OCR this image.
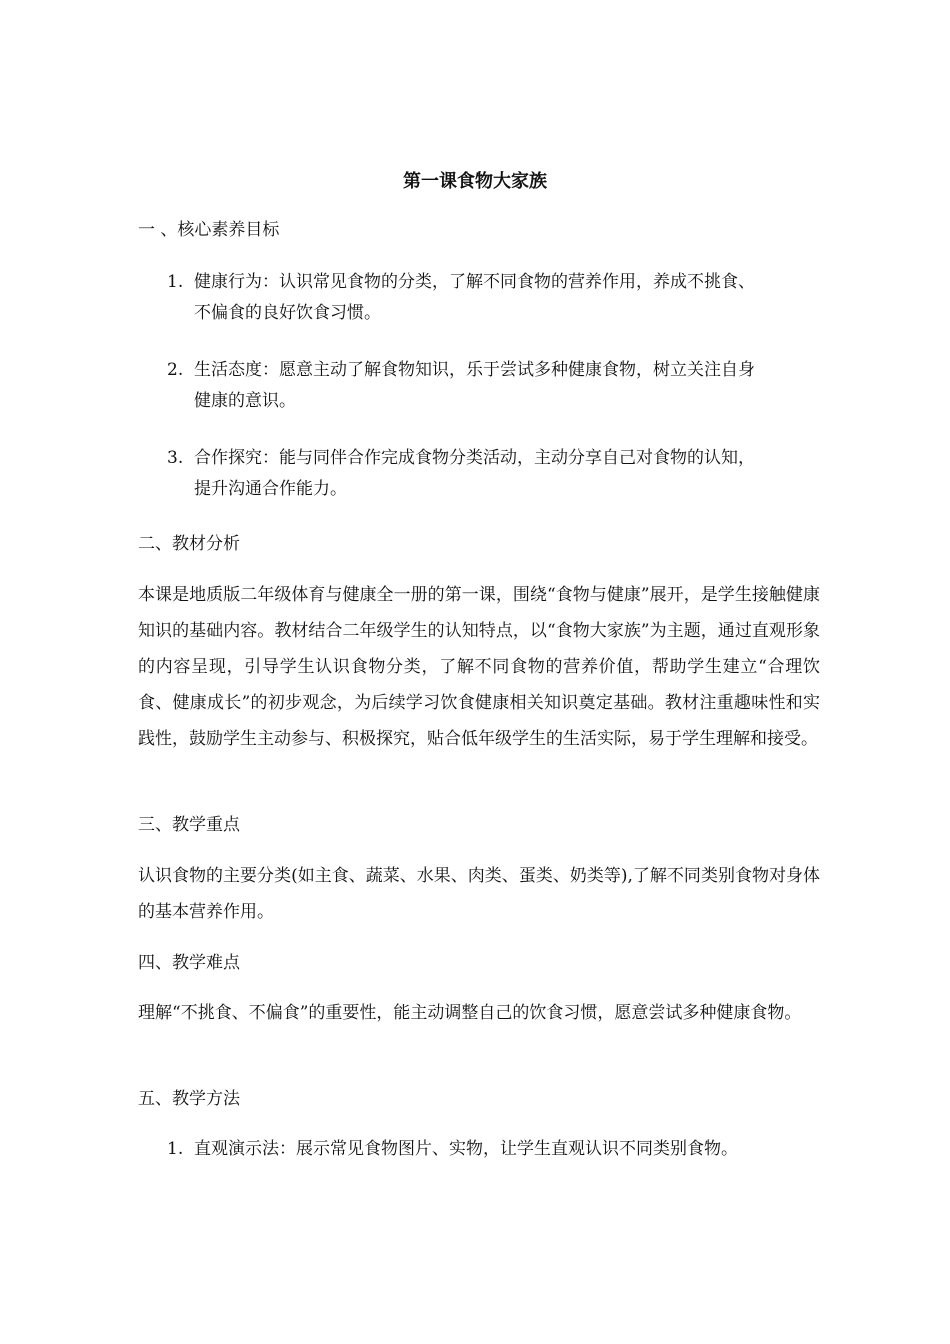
第一课食物大家族
一 、核心素养目标
1. 健康行为：认识常见食物的分类，了解不同食物的营养作用，养成不挑食、
不偏食的良好饮食习惯。
2. 生活态度：愿意主动了解食物知识，乐于尝试多种健康食物，树立关注自身
健康的意识。
3. 合作探究：能与同伴合作完成食物分类活动，主动分享自己对食物的认知，
提升沟通合作能力。
二、教材分析
本课是地质版二年级体育与健康全一册的第一课，围绕“食物与健康”展开，是学生接触健康知识的基础内容。教材结合二年级学生的认知特点，以“食物大家族”为主题，通过直观形象的内容呈现，引导学生认识食物分类，了解不同食物的营养价值，帮助学生建立“合理饮食、健康成长”的初步观念，为后续学习饮食健康相关知识奠定基础。教材注重趣味性和实践性，鼓励学生主动参与、积极探究，贴合低年级学生的生活实际，易于学生理解和接受。
三、教学重点
认识食物的主要分类(如主食、蔬菜、水果、肉类、蛋类、奶类等),了解不同类别食物对身体的基本营养作用。
四、教学难点
理解“不挑食、不偏食”的重要性，能主动调整自己的饮食习惯，愿意尝试多种健康食物。
五、教学方法
1. 直观演示法：展示常见食物图片、实物，让学生直观认识不同类别食物。
